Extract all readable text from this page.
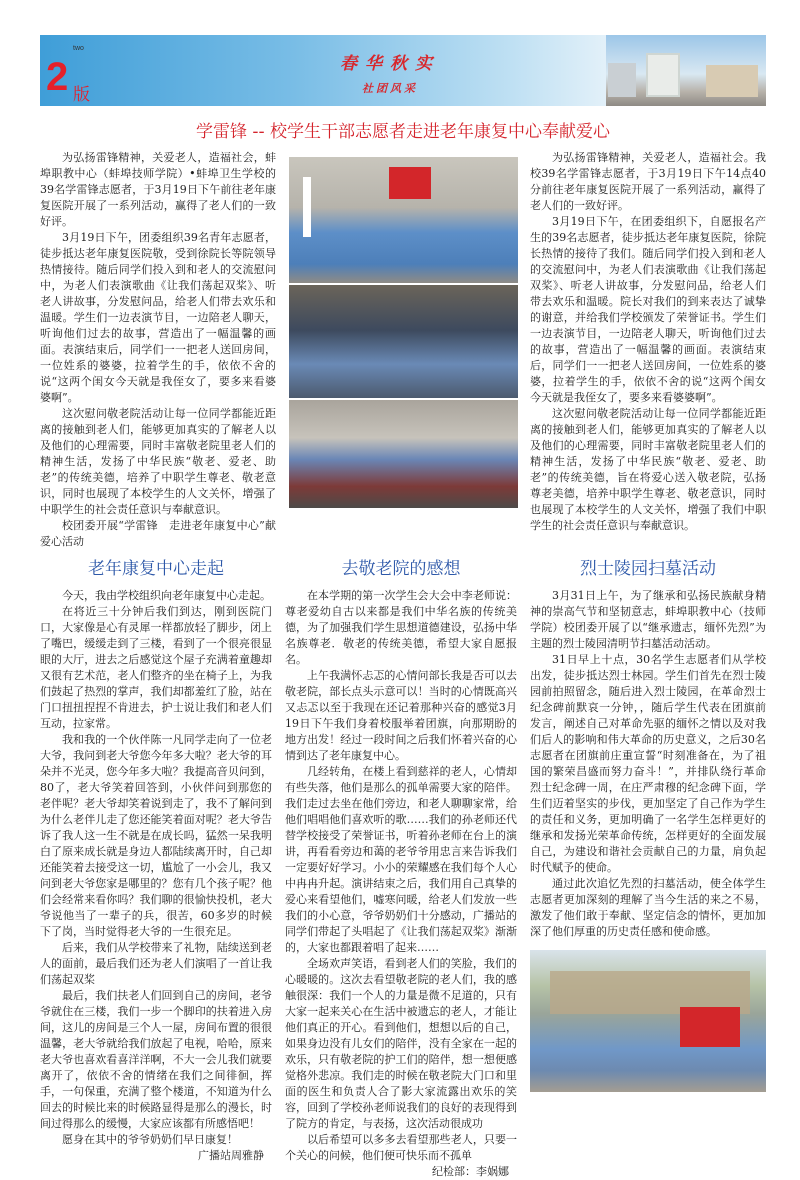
2
two
版
春华秋实
社团风采
学雷锋 -- 校学生干部志愿者走进老年康复中心奉献爱心

为弘扬雷锋精神，关爱老人，造福社会，蚌埠职教中心（蚌埠技师学院）•蚌埠卫生学校的39名学雷锋志愿者，于3月19日下午前往老年康复医院开展了一系列活动，赢得了老人们的一致好评。

3月19日下午，团委组织39名青年志愿者，徒步抵达老年康复医院敬，受到徐院长等院领导热情接待。随后同学们投入到和老人的交流慰问中，为老人们表演歌曲《让我们荡起双桨》、听老人讲故事，分发慰问品，给老人们带去欢乐和温暖。学生们一边表演节目，一边陪老人聊天，听询他们过去的故事，营造出了一幅温馨的画面。表演结束后，同学们一一把老人送回房间，一位姓系的婆婆，拉着学生的手，依依不舍的说“这两个闺女今天就是我侄女了，要多来看婆婆啊”。

这次慰问敬老院活动让每一位同学都能近距离的接触到老人们，能够更加真实的了解老人以及他们的心理需要，同时丰富敬老院里老人们的精神生活，发扬了中华民族“敬老、爱老、助老”的传统美德，培养了中职学生尊老、敬老意识，同时也展现了本校学生的人文关怀，增强了中职学生的社会责任意识与奉献意识。

校团委开展“学雷锋　走进老年康复中心”献爱心活动

为弘扬雷锋精神，关爱老人，造福社会。我校39名学雷锋志愿者，于3月19日下午14点40分前往老年康复医院开展了一系列活动，赢得了老人们的一致好评。

3月19日下午，在团委组织下，自愿报名产生的39名志愿者，徒步抵达老年康复医院，徐院长热情的接待了我们。随后同学们投入到和老人的交流慰问中，为老人们表演歌曲《让我们荡起双桨》、听老人讲故事，分发慰问品，给老人们带去欢乐和温暖。院长对我们的到来表达了诚挚的谢意，并给我们学校颁发了荣誉证书。学生们一边表演节目，一边陪老人聊天，听询他们过去的故事，营造出了一幅温馨的画面。表演结束后，同学们一一把老人送回房间，一位姓系的婆婆，拉着学生的手，依依不舍的说“这两个闺女今天就是我侄女了，要多来看婆婆啊”。

这次慰问敬老院活动让每一位同学都能近距离的接触到老人们，能够更加真实的了解老人以及他们的心理需要，同时丰富敬老院里老人们的精神生活，发扬了中华民族“敬老、爱老、助老”的传统美德，旨在将爱心送入敬老院，弘扬尊老美德，培养中职学生尊老、敬老意识，同时也展现了本校学生的人文关怀，增强了我们中职学生的社会责任意识与奉献意识。

老年康复中心走起

今天，我由学校组织向老年康复中心走起。

在将近三十分钟后我们到达，刚到医院门口，大家像是心有灵犀一样都放轻了脚步，闭上了嘴巴，缓缓走到了三楼，看到了一个很亮很显眼的大厅，进去之后感觉这个屋子充满着童趣却又很有艺术范，老人们整齐的坐在椅子上，为我们鼓起了热烈的掌声，我们却都羞红了脸，站在门口扭扭捏捏不肯进去，护士说让我们和老人们互动，拉家常。

我和我的一个伙伴陈一凡同学走向了一位老大爷，我问到老大爷您今年多大啦？老大爷的耳朵并不光灵，您今年多大啦？我提高音贝问到，80了，老大爷笑着回答到，小伙伴问到那您的老伴呢？老大爷却笑着说到走了，我不了解问到为什么老伴儿走了您还能笑着面对呢？老大爷告诉了我人这一生不就是在成长吗，猛然一呆我明白了原来成长就是身边人都陆续离开时，自己却还能笑着去接受这一切，尴尬了一小会儿，我又问到老大爷您家是哪里的？您有几个孩子呢？他们会经常来看你吗？我们聊的很愉快投机，老大爷说他当了一辈子的兵，很苦，60多岁的时候下了岗，当时觉得老大爷的一生很充足。

后来，我们从学校带来了礼物，陆续送到老人的面前，最后我们还为老人们演唱了一首让我们荡起双桨

最后，我们扶老人们回到自己的房间，老爷爷就住在三楼，我们一步一个脚印的扶着进入房间，这儿的房间是三个人一屋，房间布置的很很温馨，老大爷就给我们放起了电视，哈哈，原来老大爷也喜欢看喜洋洋啊，不大一会儿我们就要离开了，依依不舍的情绪在我们之间徘徊，挥手，一句保重，充满了整个楼道，不知道为什么回去的时候比来的时候路显得是那么的漫长，时间过得那么的缓慢，大家应该都有所感悟吧！

愿身在其中的爷爷奶奶们早日康复！

广播站周雅静

去敬老院的感想

在本学期的第一次学生会大会中李老师说：尊老爱幼自古以来都是我们中华名族的传统美德，为了加强我们学生思想道德建设，弘扬中华名族尊老．敬老的传统美德，希望大家自愿报名。

上午我满怀忐忑的心情问部长我是否可以去敬老院，部长点头示意可以！当时的心情既高兴又忐忑以至于我现在还记着那种兴奋的感觉3月19日下午我们身着校服举着团旗，向那期盼的地方出发！经过一段时间之后我们怀着兴奋的心情到达了老年康复中心。

几经转角，在楼上看到慈祥的老人，心情却有些失落，他们是那么的孤单需要大家的陪伴。我们走过去坐在他们旁边，和老人聊聊家常，给他们唱唱他们喜欢听的歌……我们的孙老师还代替学校接受了荣誉证书，听着孙老师在台上的演讲，再看看旁边和蔼的老爷爷用忠言来告诉我们一定要好好学习。小小的荣耀感在我们每个人心中冉冉升起。演讲结束之后，我们用自己真挚的爱心来看望他们，嘘寒问暖，给老人们发放一些我们的小心意，爷爷奶奶们十分感动，广播站的同学们带起了头唱起了《让我们荡起双桨》渐渐的，大家也都跟着唱了起来……

全场欢声笑语，看到老人们的笑脸，我们的心暖暖的。这次去看望敬老院的老人们，我的感触很深：我们一个人的力量是微不足道的，只有大家一起来关心在生活中被遗忘的老人，才能让他们真正的开心。看到他们，想想以后的自己，如果身边没有儿女们的陪伴，没有全家在一起的欢乐，只有敬老院的护工们的陪伴，想一想便感觉格外悲凉。我们走的时候在敬老院大门口和里面的医生和负责人合了影大家流露出欢乐的笑容，回到了学校孙老师说我们的良好的表现得到了院方的肯定，与表扬，这次活动很成功

以后希望可以多多去看望那些老人，只要一个关心的问候，他们便可快乐而不孤单

纪检部：李娲娜

烈士陵园扫墓活动

3月31日上午，为了继承和弘扬民族献身精神的崇高气节和坚韧意志，蚌埠职教中心（技师学院）校团委开展了以“继承遗志，缅怀先烈”为主题的烈士陵园清明节扫墓活动活动。

31日早上十点，30名学生志愿者们从学校出发，徒步抵达烈士林园。学生们首先在烈士陵园前拍照留念，随后进入烈士陵园，在革命烈士纪念碑前默哀一分钟，，随后学生代表在团旗前发言，阐述自己对革命先驱的缅怀之情以及对我们后人的影响和伟大革命的历史意义，之后30名志愿者在团旗前庄重宣誓“时刻准备在，为了祖国的繁荣昌盛而努力奋斗！”，并排队绕行革命烈士纪念碑一周，在庄严肃穆的纪念碑下面，学生们迈着坚实的步伐，更加坚定了自己作为学生的责任和义务，更加明确了一名学生怎样更好的继承和发扬光荣革命传统，怎样更好的全面发展自己，为建设和谐社会贡献自己的力量，肩负起时代赋予的使命。

通过此次追忆先烈的扫墓活动，使全体学生志愿者更加深刻的理解了当今生活的来之不易，激发了他们敢于奉献、坚定信念的情怀，更加加深了他们厚重的历史责任感和使命感。
